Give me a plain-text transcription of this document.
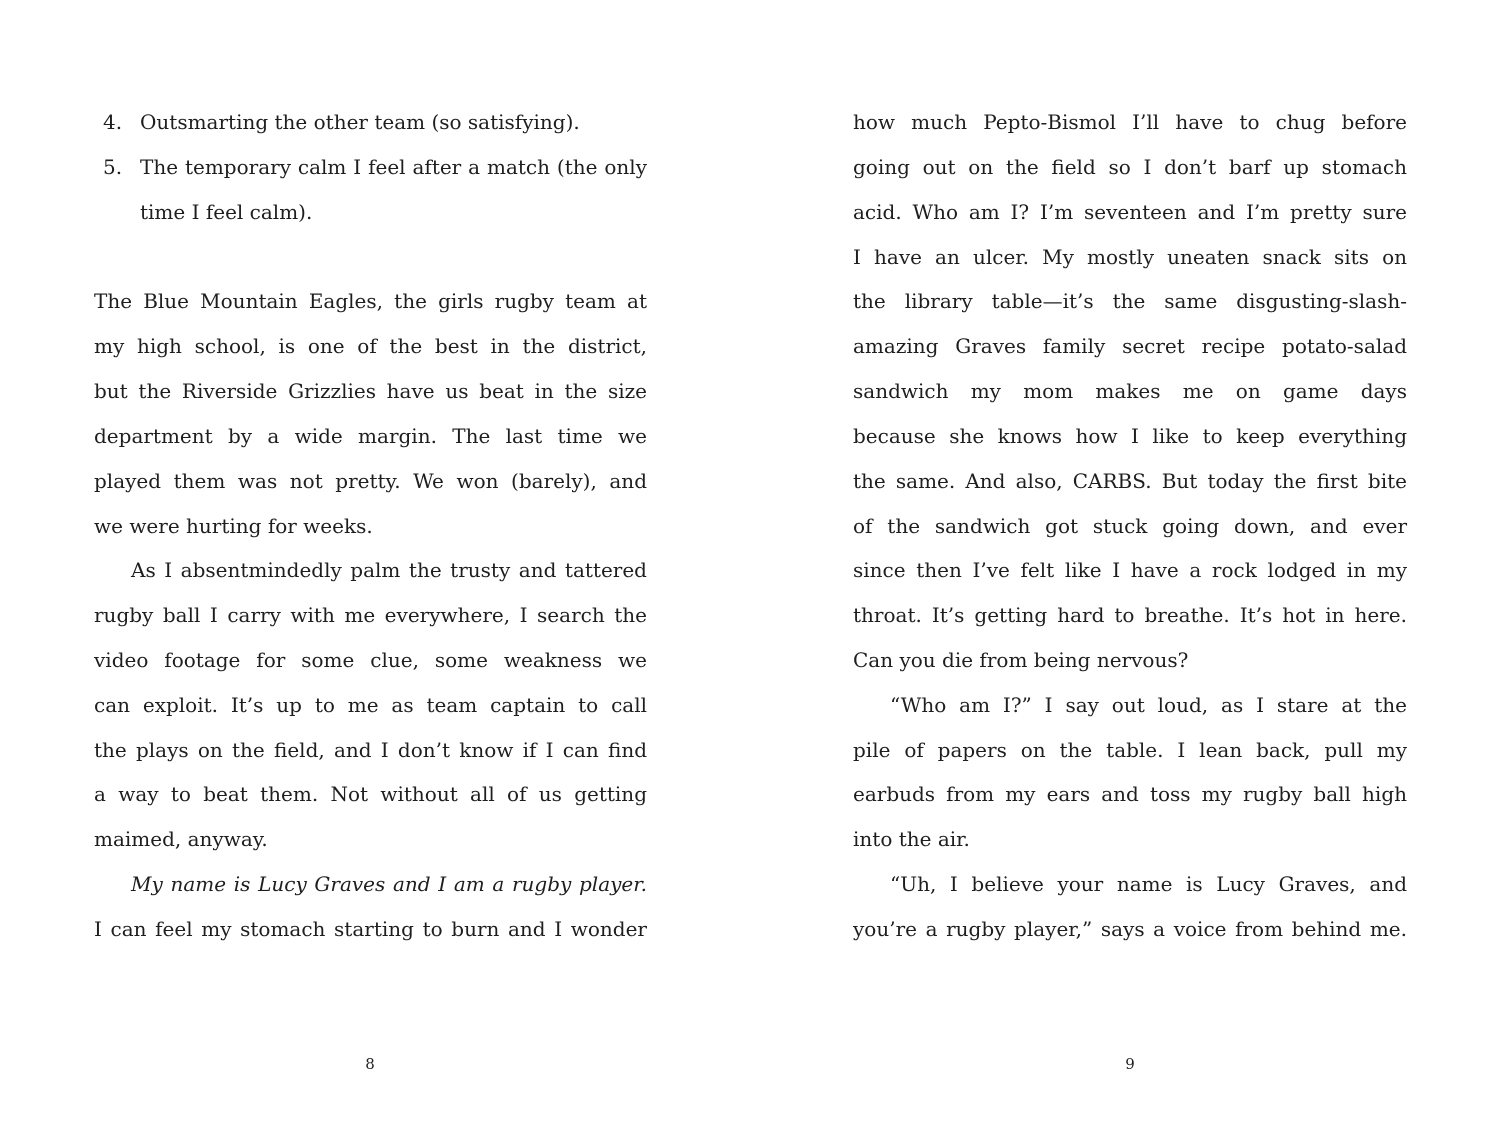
4. Outsmarting the other team (so satisfying).
5. The temporary calm I feel after a match (the only
time I feel calm).
The Blue Mountain Eagles, the girls rugby team at
my high school, is one of the best in the district,
but the Riverside Grizzlies have us beat in the size
department by a wide margin. The last time we
played them was not pretty. We won (barely), and
we were hurting for weeks.
As I absentmindedly palm the trusty and tattered
rugby ball I carry with me everywhere, I search the
video footage for some clue, some weakness we
can exploit. It’s up to me as team captain to call
the plays on the field, and I don’t know if I can find
a way to beat them. Not without all of us getting
maimed, anyway.
My name is Lucy Graves and I am a rugby player.
I can feel my stomach starting to burn and I wonder
8
how much Pepto-Bismol I’ll have to chug before
going out on the field so I don’t barf up stomach
acid. Who am I? I’m seventeen and I’m pretty sure
I have an ulcer. My mostly uneaten snack sits on
the library table—it’s the same disgusting-slash-
amazing Graves family secret recipe potato-salad
sandwich my mom makes me on game days
because she knows how I like to keep everything
the same. And also, CARBS. But today the first bite
of the sandwich got stuck going down, and ever
since then I’ve felt like I have a rock lodged in my
throat. It’s getting hard to breathe. It’s hot in here.
Can you die from being nervous?
“Who am I?” I say out loud, as I stare at the
pile of papers on the table. I lean back, pull my
earbuds from my ears and toss my rugby ball high
into the air.
“Uh, I believe your name is Lucy Graves, and
you’re a rugby player,” says a voice from behind me.
9
